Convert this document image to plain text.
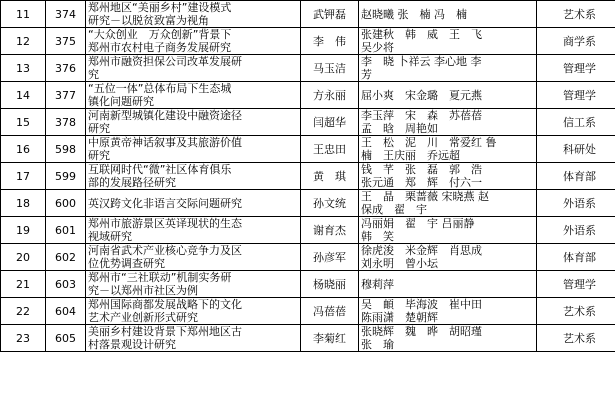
11	374	郑州地区“美丽乡村”建设模式
研究－以脱贫致富为视角	武钾磊	赵晓曦 张　楠 冯　楠	艺术系
12	375	“大众创业　万众创新”背景下
郑州市农村电子商务发展研究	李　伟	张建秋　韩　威　王　飞
吴少将	商学系
13	376	郑州市融资担保公司改革发展研
究	马玉洁	李　晓 卜祥云 李心地 李
芳	管理学
14	377	“五位一体”总体布局下生态城
镇化问题研究	方永丽	屈小爽　宋金璐　夏元燕	管理学
15	378	河南新型城镇化建设中融资途径
研究	闫超华	李玉萍　宋　森　苏蓓蓓
孟　晗　周艳如	信工系
16	598	中原黄帝神话叙事及其旅游价值
研究	王忠田	王　松　泥　川　常爱红 鲁
楠　王庆丽　乔远超	科研处
17	599	互联网时代“微”社区体育俱乐
部的发展路径研究	黄　琪	钱　芊　张　磊　郭　浩
张元通　郑　辉　付六一	体育部
18	600	英汉跨文化非语言交际问题研究	孙文统	王　晶　栗蔷薇 宋晓燕 赵
保成　翟　宇	外语系
19	601	郑州市旅游景区英译现状的生态
视域研究	谢育杰	冯丽娟　翟　宇 吕丽静
韩　笑	外语系
20	602	河南省武术产业核心竞争力及区
位优势调查研究	孙彦军	徐虎浚　米金辉　肖思成
刘永明　曾小坛	体育部
21	603	郑州市“三社联动”机制实务研
究－以郑州市社区为例	杨晓丽	穆莉萍	管理学
22	604	郑州国际商都发展战略下的文化
艺术产业创新形式研究	冯蓓蓓	吴　頔　毕海波　崔中田
陈雨潇　楚朝辉	艺术系
23	605	美丽乡村建设背景下郑州地区古
村落景观设计研究	李菊红	张晓辉　魏　晔　胡昭瑾
张　瑜	艺术系
